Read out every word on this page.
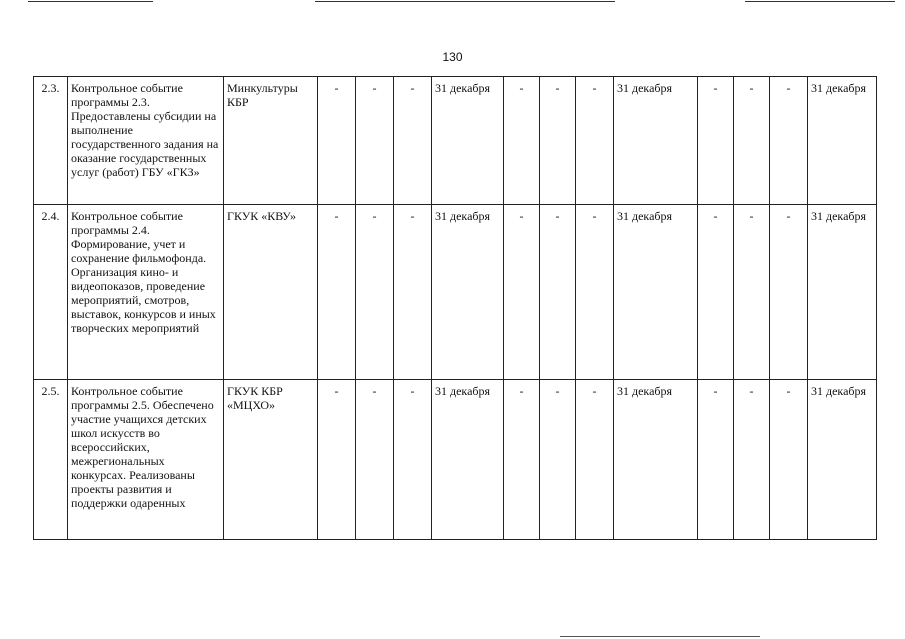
130
2.3.	Контрольное событие программы 2.3. Предоставлены субсидии на выполнение государственного задания на оказание государственных услуг (работ) ГБУ «ГКЗ»	Минкультуры КБР	-	-	-	31 декабря	-	-	-	31 декабря	-	-	-	31 декабря
2.4.	Контрольное событие программы 2.4. Формирование, учет и сохранение фильмофонда. Организация кино- и видеопоказов, проведение мероприятий, смотров, выставок, конкурсов и иных творческих мероприятий	ГКУК «КВУ»	-	-	-	31 декабря	-	-	-	31 декабря	-	-	-	31 декабря
2.5.	Контрольное событие программы 2.5. Обеспечено участие учащихся детских школ искусств во всероссийских, межрегиональных конкурсах. Реализованы проекты развития и поддержки одаренных	ГКУК КБР «МЦХО»	-	-	-	31 декабря	-	-	-	31 декабря	-	-	-	31 декабря
